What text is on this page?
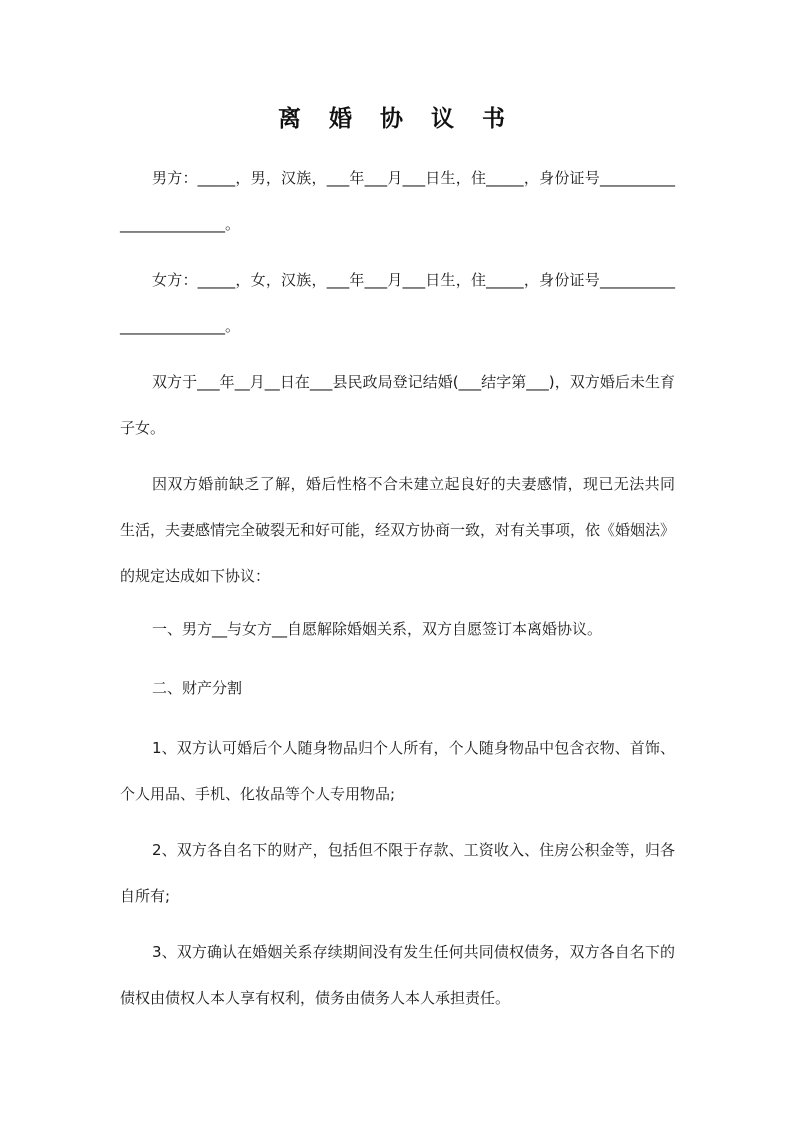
离 婚 协 议 书

男方：_____，男，汉族，___年___月___日生，住_____，身份证号________________________。

女方：_____，女，汉族，___年___月___日生，住_____，身份证号________________________。

双方于___年__月__日在___县民政局登记结婚(___结字第___)，双方婚后未生育子女。

因双方婚前缺乏了解，婚后性格不合未建立起良好的夫妻感情，现已无法共同生活，夫妻感情完全破裂无和好可能，经双方协商一致，对有关事项，依《婚姻法》的规定达成如下协议：

一、男方__与女方__自愿解除婚姻关系，双方自愿签订本离婚协议。

二、财产分割

1、双方认可婚后个人随身物品归个人所有，个人随身物品中包含衣物、首饰、个人用品、手机、化妆品等个人专用物品;

2、双方各自名下的财产，包括但不限于存款、工资收入、住房公积金等，归各自所有;

3、双方确认在婚姻关系存续期间没有发生任何共同债权债务，双方各自名下的债权由债权人本人享有权利，债务由债务人本人承担责任。
